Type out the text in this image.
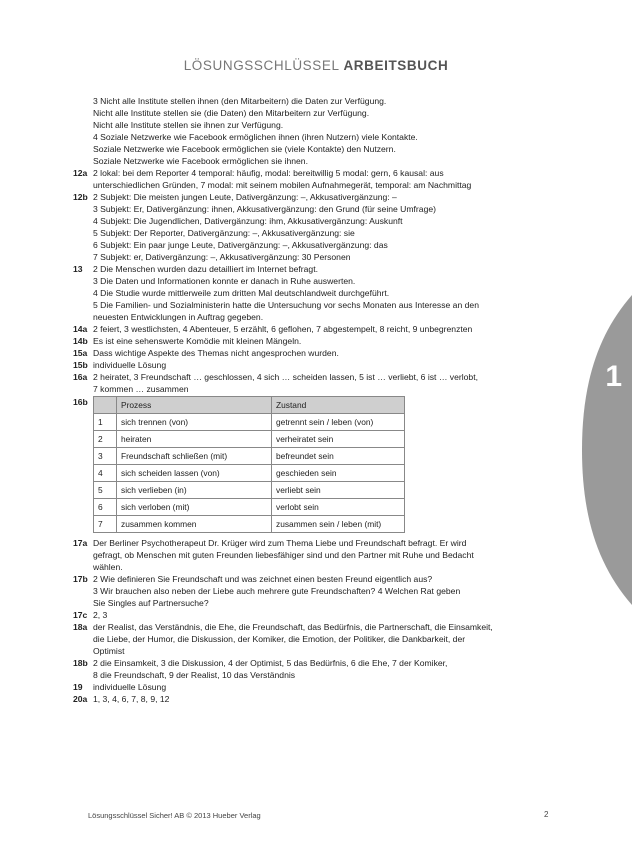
LÖSUNGSSCHLÜSSEL ARBEITSBUCH
1
3 Nicht alle Institute stellen ihnen (den Mitarbeitern) die Daten zur Verfügung.
Nicht alle Institute stellen sie (die Daten) den Mitarbeitern zur Verfügung.
Nicht alle Institute stellen sie ihnen zur Verfügung.
4 Soziale Netzwerke wie Facebook ermöglichen ihnen (ihren Nutzern) viele Kontakte.
Soziale Netzwerke wie Facebook ermöglichen sie (viele Kontakte) den Nutzern.
Soziale Netzwerke wie Facebook ermöglichen sie ihnen.
12a 2 lokal: bei dem Reporter 4 temporal: häufig, modal: bereitwillig 5 modal: gern, 6 kausal: aus
unterschiedlichen Gründen, 7 modal: mit seinem mobilen Aufnahmegerät, temporal: am Nachmittag
12b 2 Subjekt: Die meisten jungen Leute, Dativergänzung: –, Akkusativergänzung: –
3 Subjekt: Er, Dativergänzung: ihnen, Akkusativergänzung: den Grund (für seine Umfrage)
4 Subjekt: Die Jugendlichen, Dativergänzung: ihm, Akkusativergänzung: Auskunft
5 Subjekt: Der Reporter, Dativergänzung: –, Akkusativergänzung: sie
6 Subjekt: Ein paar junge Leute, Dativergänzung: –, Akkusativergänzung: das
7 Subjekt: er, Dativergänzung: –, Akkusativergänzung: 30 Personen
13 2 Die Menschen wurden dazu detailliert im Internet befragt.
3 Die Daten und Informationen konnte er danach in Ruhe auswerten.
4 Die Studie wurde mittlerweile zum dritten Mal deutschlandweit durchgeführt.
5 Die Familien- und Sozialministerin hatte die Untersuchung vor sechs Monaten aus Interesse an den
neuesten Entwicklungen in Auftrag gegeben.
14a 2 feiert, 3 westlichsten, 4 Abenteuer, 5 erzählt, 6 geflohen, 7 abgestempelt, 8 reicht, 9 unbegrenzten
14b Es ist eine sehenswerte Komödie mit kleinen Mängeln.
15a Dass wichtige Aspekte des Themas nicht angesprochen wurden.
15b individuelle Lösung
16a 2 heiratet, 3 Freundschaft … geschlossen, 4 sich … scheiden lassen, 5 ist … verliebt, 6 ist … verlobt,
7 kommen … zusammen
16b
		Prozess	Zustand
1	sich trennen (von)	getrennt sein / leben (von)
2	heiraten	verheiratet sein
3	Freundschaft schließen (mit)	befreundet sein
4	sich scheiden lassen (von)	geschieden sein
5	sich verlieben (in)	verliebt sein
6	sich verloben (mit)	verlobt sein
7	zusammen kommen	zusammen sein / leben (mit)
17a Der Berliner Psychotherapeut Dr. Krüger wird zum Thema Liebe und Freundschaft befragt. Er wird
gefragt, ob Menschen mit guten Freunden liebesfähiger sind und den Partner mit Ruhe und Bedacht
wählen.
17b 2 Wie definieren Sie Freundschaft und was zeichnet einen besten Freund eigentlich aus?
3 Wir brauchen also neben der Liebe auch mehrere gute Freundschaften? 4 Welchen Rat geben
Sie Singles auf Partnersuche?
17c 2, 3
18a der Realist, das Verständnis, die Ehe, die Freundschaft, das Bedürfnis, die Partnerschaft, die Einsamkeit,
die Liebe, der Humor, die Diskussion, der Komiker, die Emotion, der Politiker, die Dankbarkeit, der
Optimist
18b 2 die Einsamkeit, 3 die Diskussion, 4 der Optimist, 5 das Bedürfnis, 6 die Ehe, 7 der Komiker,
8 die Freundschaft, 9 der Realist, 10 das Verständnis
19 individuelle Lösung
20a 1, 3, 4, 6, 7, 8, 9, 12
Lösungsschlüssel Sicher! AB © 2013 Hueber Verlag	2
